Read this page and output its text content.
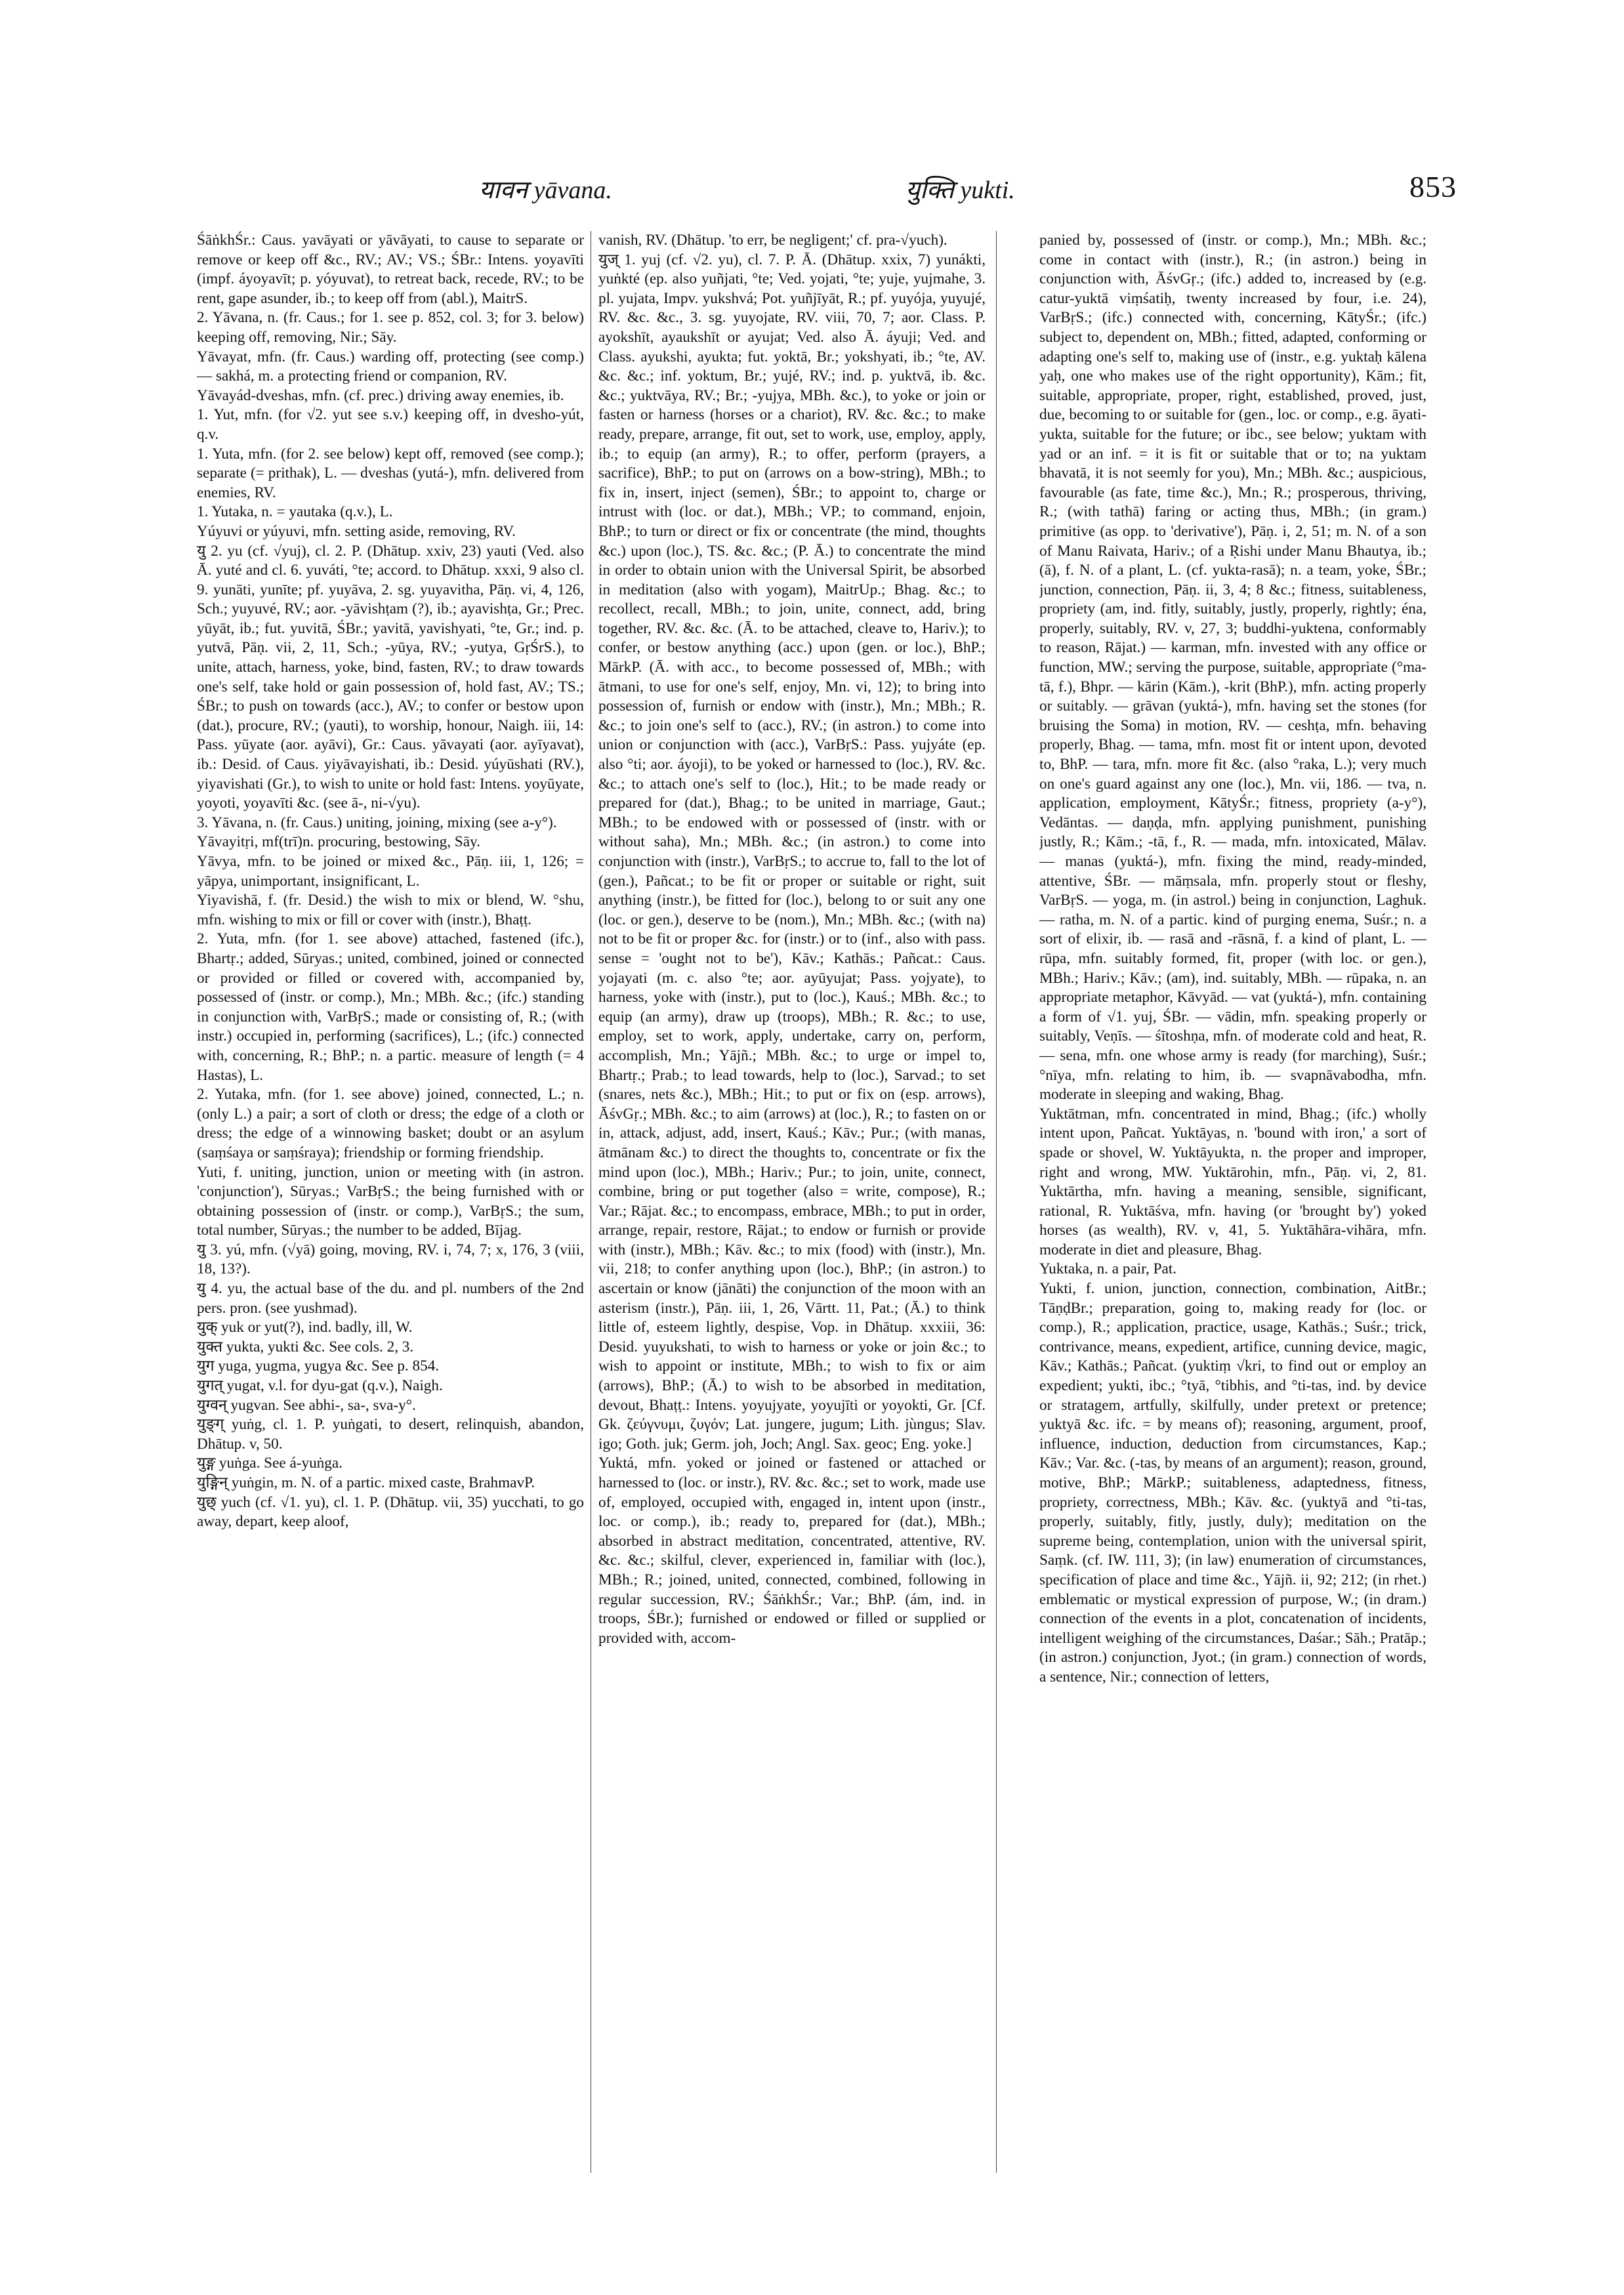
यावन yāvana.	युक्ति yukti.	853

ŚāṅkhŚr.: Caus. yavāyati or yāvāyati, to cause to separate or remove or keep off &c., RV.; AV.; VS.; ŚBr.: Intens. yoyavīti (impf. áyoyavīt; p. yóyuvat), to retreat back, recede, RV.; to be rent, gape asunder, ib.; to keep off from (abl.), MaitrS.

2. Yāvana, n. (fr. Caus.; for 1. see p. 852, col. 3; for 3. below) keeping off, removing, Nir.; Sāy.

Yāvayat, mfn. (fr. Caus.) warding off, protecting (see comp.) — sakhá, m. a protecting friend or companion, RV.

Yāvayád-dveshas, mfn. (cf. prec.) driving away enemies, ib.

1. Yut, mfn. (for √2. yut see s.v.) keeping off, in dvesho-yút, q.v.

1. Yuta, mfn. (for 2. see below) kept off, removed (see comp.); separate (= prithak), L. — dveshas (yutá-), mfn. delivered from enemies, RV.

1. Yutaka, n. = yautaka (q.v.), L.

Yúyuvi or yúyuvi, mfn. setting aside, removing, RV.

यु 2. yu (cf. √yuj), cl. 2. P. (Dhātup. xxiv, 23) yauti (Ved. also Ā. yuté and cl. 6. yuváti, °te; accord. to Dhātup. xxxi, 9 also cl. 9. yunāti, yunīte; pf. yuyāva, 2. sg. yuyavitha, Pāṇ. vi, 4, 126, Sch.; yuyuvé, RV.; aor. -yāvishṭam (?), ib.; ayavishṭa, Gr.; Prec. yūyāt, ib.; fut. yuvitā, ŚBr.; yavitā, yavishyati, °te, Gr.; ind. p. yutvā, Pāṇ. vii, 2, 11, Sch.; -yūya, RV.; -yutya, GṛŚrS.), to unite, attach, harness, yoke, bind, fasten, RV.; to draw towards one's self, take hold or gain possession of, hold fast, AV.; TS.; ŚBr.; to push on towards (acc.), AV.; to confer or bestow upon (dat.), procure, RV.; (yauti), to worship, honour, Naigh. iii, 14: Pass. yūyate (aor. ayāvi), Gr.: Caus. yāvayati (aor. ayīyavat), ib.: Desid. of Caus. yiyāvayishati, ib.: Desid. yúyūshati (RV.), yiyavishati (Gr.), to wish to unite or hold fast: Intens. yoyūyate, yoyoti, yoyavīti &c. (see ā-, ni-√yu).

3. Yāvana, n. (fr. Caus.) uniting, joining, mixing (see a-y°).

Yāvayitṛi, mf(trī)n. procuring, bestowing, Sāy.

Yāvya, mfn. to be joined or mixed &c., Pāṇ. iii, 1, 126; = yāpya, unimportant, insignificant, L.

Yiyavishā, f. (fr. Desid.) the wish to mix or blend, W. °shu, mfn. wishing to mix or fill or cover with (instr.), Bhaṭṭ.

2. Yuta, mfn. (for 1. see above) attached, fastened (ifc.), Bhartṛ.; added, Sūryas.; united, combined, joined or connected or provided or filled or covered with, accompanied by, possessed of (instr. or comp.), Mn.; MBh. &c.; (ifc.) standing in conjunction with, VarBṛS.; made or consisting of, R.; (with instr.) occupied in, performing (sacrifices), L.; (ifc.) connected with, concerning, R.; BhP.; n. a partic. measure of length (= 4 Hastas), L.

2. Yutaka, mfn. (for 1. see above) joined, connected, L.; n. (only L.) a pair; a sort of cloth or dress; the edge of a cloth or dress; the edge of a winnowing basket; doubt or an asylum (saṃśaya or saṃśraya); friendship or forming friendship.

Yuti, f. uniting, junction, union or meeting with (in astron. 'conjunction'), Sūryas.; VarBṛS.; the being furnished with or obtaining possession of (instr. or comp.), VarBṛS.; the sum, total number, Sūryas.; the number to be added, Bījag.

यु 3. yú, mfn. (√yā) going, moving, RV. i, 74, 7; x, 176, 3 (viii, 18, 13?).

यु 4. yu, the actual base of the du. and pl. numbers of the 2nd pers. pron. (see yushmad).

युक् yuk or yut(?), ind. badly, ill, W.

युक्त yukta, yukti &c. See cols. 2, 3.

युग yuga, yugma, yugya &c. See p. 854.

युगत् yugat, v.l. for dyu-gat (q.v.), Naigh.

युग्वन् yugvan. See abhi-, sa-, sva-y°.

युङ्ग् yuṅg, cl. 1. P. yuṅgati, to desert, relinquish, abandon, Dhātup. v, 50.

युङ्ग yuṅga. See á-yuṅga.

युङ्गिन् yuṅgin, m. N. of a partic. mixed caste, BrahmavP.

युछ् yuch (cf. √1. yu), cl. 1. P. (Dhātup. vii, 35) yucchati, to go away, depart, keep aloof,

vanish, RV. (Dhātup. 'to err, be negligent;' cf. pra-√yuch).

युज् 1. yuj (cf. √2. yu), cl. 7. P. Ā. (Dhātup. xxix, 7) yunákti, yuṅkté (ep. also yuñjati, °te; Ved. yojati, °te; yuje, yujmahe, 3. pl. yujata, Impv. yukshvá; Pot. yuñjīyāt, R.; pf. yuyója, yuyujé, RV. &c. &c., 3. sg. yuyojate, RV. viii, 70, 7; aor. Class. P. ayokshīt, ayaukshīt or ayujat; Ved. also Ā. áyuji; Ved. and Class. ayukshi, ayukta; fut. yoktā, Br.; yokshyati, ib.; °te, AV. &c. &c.; inf. yoktum, Br.; yujé, RV.; ind. p. yuktvā, ib. &c. &c.; yuktvāya, RV.; Br.; -yujya, MBh. &c.), to yoke or join or fasten or harness (horses or a chariot), RV. &c. &c.; to make ready, prepare, arrange, fit out, set to work, use, employ, apply, ib.; to equip (an army), R.; to offer, perform (prayers, a sacrifice), BhP.; to put on (arrows on a bow-string), MBh.; to fix in, insert, inject (semen), ŚBr.; to appoint to, charge or intrust with (loc. or dat.), MBh.; VP.; to command, enjoin, BhP.; to turn or direct or fix or concentrate (the mind, thoughts &c.) upon (loc.), TS. &c. &c.; (P. Ā.) to concentrate the mind in order to obtain union with the Universal Spirit, be absorbed in meditation (also with yogam), MaitrUp.; Bhag. &c.; to recollect, recall, MBh.; to join, unite, connect, add, bring together, RV. &c. &c. (Ā. to be attached, cleave to, Hariv.); to confer, or bestow anything (acc.) upon (gen. or loc.), BhP.; MārkP. (Ā. with acc., to become possessed of, MBh.; with ātmani, to use for one's self, enjoy, Mn. vi, 12); to bring into possession of, furnish or endow with (instr.), Mn.; MBh.; R. &c.; to join one's self to (acc.), RV.; (in astron.) to come into union or conjunction with (acc.), VarBṛS.: Pass. yujyáte (ep. also °ti; aor. áyoji), to be yoked or harnessed to (loc.), RV. &c. &c.; to attach one's self to (loc.), Hit.; to be made ready or prepared for (dat.), Bhag.; to be united in marriage, Gaut.; MBh.; to be endowed with or possessed of (instr. with or without saha), Mn.; MBh. &c.; (in astron.) to come into conjunction with (instr.), VarBṛS.; to accrue to, fall to the lot of (gen.), Pañcat.; to be fit or proper or suitable or right, suit anything (instr.), be fitted for (loc.), belong to or suit any one (loc. or gen.), deserve to be (nom.), Mn.; MBh. &c.; (with na) not to be fit or proper &c. for (instr.) or to (inf., also with pass. sense = 'ought not to be'), Kāv.; Kathās.; Pañcat.: Caus. yojayati (m. c. also °te; aor. ayūyujat; Pass. yojyate), to harness, yoke with (instr.), put to (loc.), Kauś.; MBh. &c.; to equip (an army), draw up (troops), MBh.; R. &c.; to use, employ, set to work, apply, undertake, carry on, perform, accomplish, Mn.; Yājñ.; MBh. &c.; to urge or impel to, Bhartṛ.; Prab.; to lead towards, help to (loc.), Sarvad.; to set (snares, nets &c.), MBh.; Hit.; to put or fix on (esp. arrows), ĀśvGṛ.; MBh. &c.; to aim (arrows) at (loc.), R.; to fasten on or in, attack, adjust, add, insert, Kauś.; Kāv.; Pur.; (with manas, ātmānam &c.) to direct the thoughts to, concentrate or fix the mind upon (loc.), MBh.; Hariv.; Pur.; to join, unite, connect, combine, bring or put together (also = write, compose), R.; Var.; Rājat. &c.; to encompass, embrace, MBh.; to put in order, arrange, repair, restore, Rājat.; to endow or furnish or provide with (instr.), MBh.; Kāv. &c.; to mix (food) with (instr.), Mn. vii, 218; to confer anything upon (loc.), BhP.; (in astron.) to ascertain or know (jānāti) the conjunction of the moon with an asterism (instr.), Pāṇ. iii, 1, 26, Vārtt. 11, Pat.; (Ā.) to think little of, esteem lightly, despise, Vop. in Dhātup. xxxiii, 36: Desid. yuyukshati, to wish to harness or yoke or join &c.; to wish to appoint or institute, MBh.; to wish to fix or aim (arrows), BhP.; (Ā.) to wish to be absorbed in meditation, devout, Bhaṭṭ.: Intens. yoyujyate, yoyujīti or yoyokti, Gr. [Cf. Gk. ζεύγνυμι, ζυγόν; Lat. jungere, jugum; Lith. jùngus; Slav. igo; Goth. juk; Germ. joh, Joch; Angl. Sax. geoc; Eng. yoke.]

Yuktá, mfn. yoked or joined or fastened or attached or harnessed to (loc. or instr.), RV. &c. &c.; set to work, made use of, employed, occupied with, engaged in, intent upon (instr., loc. or comp.), ib.; ready to, prepared for (dat.), MBh.; absorbed in abstract meditation, concentrated, attentive, RV. &c. &c.; skilful, clever, experienced in, familiar with (loc.), MBh.; R.; joined, united, connected, combined, following in regular succession, RV.; ŚāṅkhŚr.; Var.; BhP. (ám, ind. in troops, ŚBr.); furnished or endowed or filled or supplied or provided with, accom-

panied by, possessed of (instr. or comp.), Mn.; MBh. &c.; come in contact with (instr.), R.; (in astron.) being in conjunction with, ĀśvGṛ.; (ifc.) added to, increased by (e.g. catur-yuktā viṃśatiḥ, twenty increased by four, i.e. 24), VarBṛS.; (ifc.) connected with, concerning, KātyŚr.; (ifc.) subject to, dependent on, MBh.; fitted, adapted, conforming or adapting one's self to, making use of (instr., e.g. yuktaḥ kālena yaḥ, one who makes use of the right opportunity), Kām.; fit, suitable, appropriate, proper, right, established, proved, just, due, becoming to or suitable for (gen., loc. or comp., e.g. āyati-yukta, suitable for the future; or ibc., see below; yuktam with yad or an inf. = it is fit or suitable that or to; na yuktam bhavatā, it is not seemly for you), Mn.; MBh. &c.; auspicious, favourable (as fate, time &c.), Mn.; R.; prosperous, thriving, R.; (with tathā) faring or acting thus, MBh.; (in gram.) primitive (as opp. to 'derivative'), Pāṇ. i, 2, 51; m. N. of a son of Manu Raivata, Hariv.; of a Ṛishi under Manu Bhautya, ib.; (ā), f. N. of a plant, L. (cf. yukta-rasā); n. a team, yoke, ŚBr.; junction, connection, Pāṇ. ii, 3, 4; 8 &c.; fitness, suitableness, propriety (am, ind. fitly, suitably, justly, properly, rightly; éna, properly, suitably, RV. v, 27, 3; buddhi-yuktena, conformably to reason, Rājat.) — karman, mfn. invested with any office or function, MW.; serving the purpose, suitable, appropriate (°ma-tā, f.), Bhpr. — kārin (Kām.), -krit (BhP.), mfn. acting properly or suitably. — grāvan (yuktá-), mfn. having set the stones (for bruising the Soma) in motion, RV. — ceshṭa, mfn. behaving properly, Bhag. — tama, mfn. most fit or intent upon, devoted to, BhP. — tara, mfn. more fit &c. (also °raka, L.); very much on one's guard against any one (loc.), Mn. vii, 186. — tva, n. application, employment, KātyŚr.; fitness, propriety (a-y°), Vedāntas. — daṇḍa, mfn. applying punishment, punishing justly, R.; Kām.; -tā, f., R. — mada, mfn. intoxicated, Mālav. — manas (yuktá-), mfn. fixing the mind, ready-minded, attentive, ŚBr. — māṃsala, mfn. properly stout or fleshy, VarBṛS. — yoga, m. (in astrol.) being in conjunction, Laghuk. — ratha, m. N. of a partic. kind of purging enema, Suśr.; n. a sort of elixir, ib. — rasā and -rāsnā, f. a kind of plant, L. — rūpa, mfn. suitably formed, fit, proper (with loc. or gen.), MBh.; Hariv.; Kāv.; (am), ind. suitably, MBh. — rūpaka, n. an appropriate metaphor, Kāvyād. — vat (yuktá-), mfn. containing a form of √1. yuj, ŚBr. — vādin, mfn. speaking properly or suitably, Veṇīs. — śītoshṇa, mfn. of moderate cold and heat, R. — sena, mfn. one whose army is ready (for marching), Suśr.; °nīya, mfn. relating to him, ib. — svapnāvabodha, mfn. moderate in sleeping and waking, Bhag.

Yuktātman, mfn. concentrated in mind, Bhag.; (ifc.) wholly intent upon, Pañcat. Yuktāyas, n. 'bound with iron,' a sort of spade or shovel, W. Yuktāyukta, n. the proper and improper, right and wrong, MW. Yuktārohin, mfn., Pāṇ. vi, 2, 81. Yuktārtha, mfn. having a meaning, sensible, significant, rational, R. Yuktāśva, mfn. having (or 'brought by') yoked horses (as wealth), RV. v, 41, 5. Yuktāhāra-vihāra, mfn. moderate in diet and pleasure, Bhag.

Yuktaka, n. a pair, Pat.

Yukti, f. union, junction, connection, combination, AitBr.; TāṇḍBr.; preparation, going to, making ready for (loc. or comp.), R.; application, practice, usage, Kathās.; Suśr.; trick, contrivance, means, expedient, artifice, cunning device, magic, Kāv.; Kathās.; Pañcat. (yuktiṃ √kri, to find out or employ an expedient; yukti, ibc.; °tyā, °tibhis, and °ti-tas, ind. by device or stratagem, artfully, skilfully, under pretext or pretence; yuktyā &c. ifc. = by means of); reasoning, argument, proof, influence, induction, deduction from circumstances, Kap.; Kāv.; Var. &c. (-tas, by means of an argument); reason, ground, motive, BhP.; MārkP.; suitableness, adaptedness, fitness, propriety, correctness, MBh.; Kāv. &c. (yuktyā and °ti-tas, properly, suitably, fitly, justly, duly); meditation on the supreme being, contemplation, union with the universal spirit, Saṃk. (cf. IW. 111, 3); (in law) enumeration of circumstances, specification of place and time &c., Yājñ. ii, 92; 212; (in rhet.) emblematic or mystical expression of purpose, W.; (in dram.) connection of the events in a plot, concatenation of incidents, intelligent weighing of the circumstances, Daśar.; Sāh.; Pratāp.; (in astron.) conjunction, Jyot.; (in gram.) connection of words, a sentence, Nir.; connection of letters,
